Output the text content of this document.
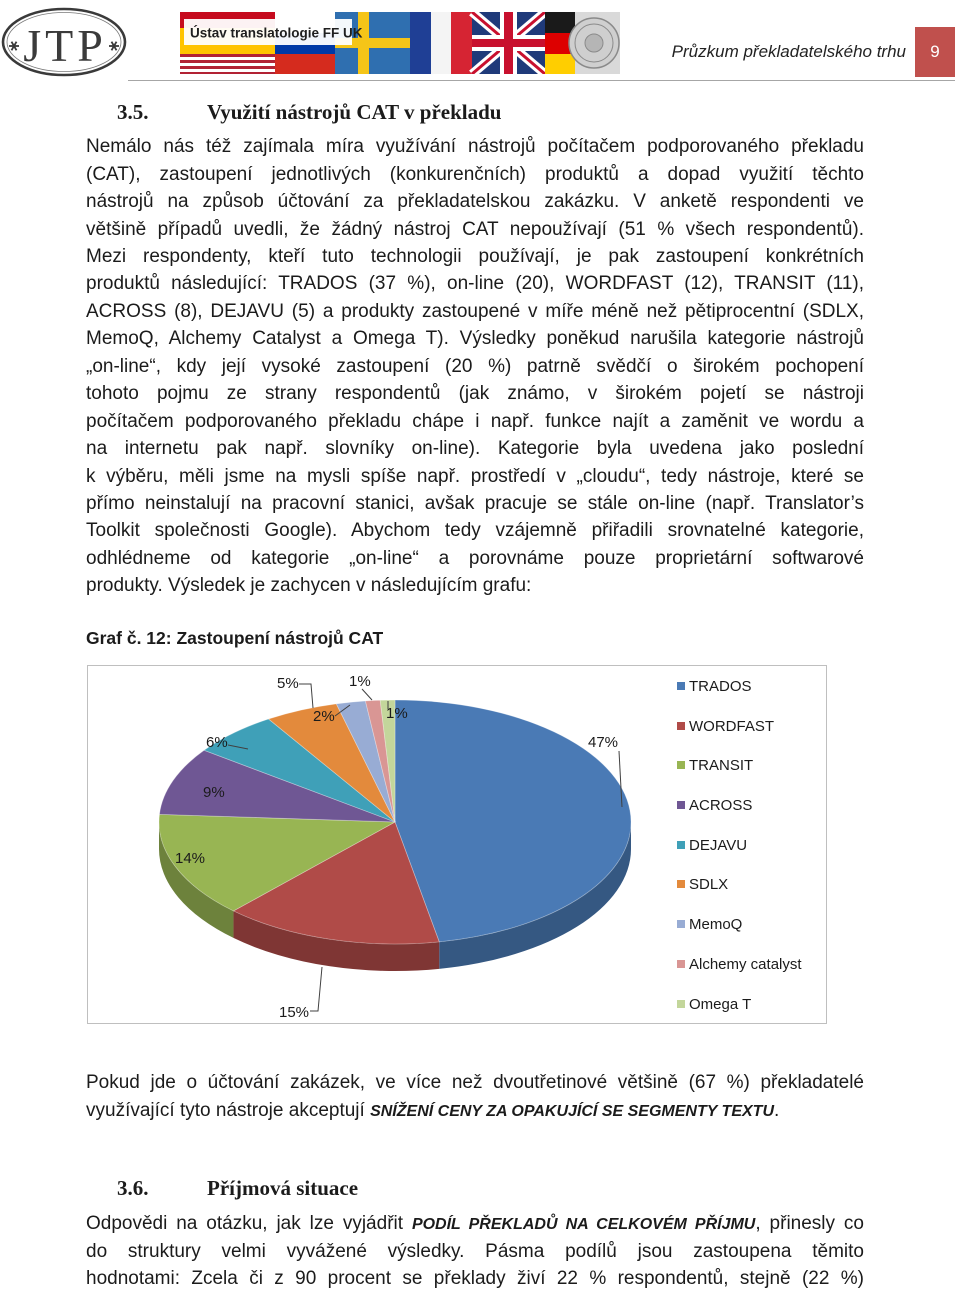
JTP	Ústav translatologie FF UK
Průzkum překladatelského trhu	9
3.5.	Využití nástrojů CAT v překladu
Nemálo nás též zajímala míra využívání nástrojů počítačem podporovaného překladu
(CAT), zastoupení jednotlivých (konkurenčních) produktů a dopad využití těchto
nástrojů na způsob účtování za překladatelskou zakázku. V anketě respondenti ve
většině případů uvedli, že žádný nástroj CAT nepoužívají (51 % všech respondentů).
Mezi respondenty, kteří tuto technologii používají, je pak zastoupení konkrétních
produktů následující: TRADOS (37 %), on-line (20), WORDFAST (12), TRANSIT (11),
ACROSS (8), DEJAVU (5) a produkty zastoupené v míře méně než pětiprocentní (SDLX,
MemoQ, Alchemy Catalyst a Omega T). Výsledky poněkud narušila kategorie nástrojů
„on-line“, kdy její vysoké zastoupení (20 %) patrně svědčí o širokém pochopení
tohoto pojmu ze strany respondentů (jak známo, v širokém pojetí se nástroji
počítačem podporovaného překladu chápe i např. funkce najít a zaměnit ve wordu a
na internetu pak např. slovníky on-line). Kategorie byla uvedena jako poslední
k výběru, měli jsme na mysli spíše např. prostředí v „cloudu“, tedy nástroje, které se
přímo neinstalují na pracovní stanici, avšak pracuje se stále on-line (např. Translator’s
Toolkit společnosti Google). Abychom tedy vzájemně přiřadili srovnatelné kategorie,
odhlédneme od kategorie „on-line“ a porovnáme pouze proprietární softwarové
produkty. Výsledek je zachycen v následujícím grafu:
Graf č. 12: Zastoupení nástrojů CAT
47%
15%
14%
9%
6%
5%
2%
1%
1%
TRADOS
WORDFAST
TRANSIT
ACROSS
DEJAVU
SDLX
MemoQ
Alchemy catalyst
Omega T
Pokud jde o účtování zakázek, ve více než dvoutřetinové většině (67 %) překladatelé
využívající tyto nástroje akceptují SNÍŽENÍ CENY ZA OPAKUJÍCÍ SE SEGMENTY TEXTU.
3.6.	Příjmová situace
Odpovědi na otázku, jak lze vyjádřit PODÍL PŘEKLADŮ NA CELKOVÉM PŘÍJMU, přinesly co
do struktury velmi vyvážené výsledky. Pásma podílů jsou zastoupena těmito
hodnotami: Zcela či z 90 procent se překlady živí 22 % respondentů, stejně (22 %)
